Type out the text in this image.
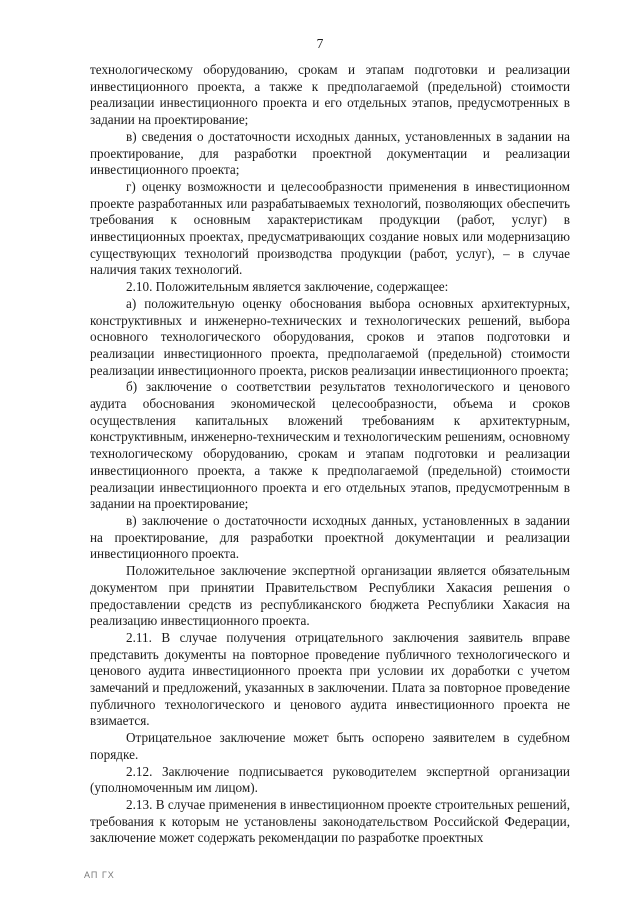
7

технологическому оборудованию, срокам и этапам подготовки и реализации инвестиционного проекта, а также к предполагаемой (предельной) стоимости реализации инвестиционного проекта и его отдельных этапов, предусмотренных в задании на проектирование;

в) сведения о достаточности исходных данных, установленных в задании на проектирование, для разработки проектной документации и реализации инвестиционного проекта;

г) оценку возможности и целесообразности применения в инвестиционном проекте разработанных или разрабатываемых технологий, позволяющих обеспечить требования к основным характеристикам продукции (работ, услуг) в инвестиционных проектах, предусматривающих создание новых или модернизацию существующих технологий производства продукции (работ, услуг), – в случае наличия таких технологий.

2.10. Положительным является заключение, содержащее:

а) положительную оценку обоснования выбора основных архитектурных, конструктивных и инженерно-технических и технологических решений, выбора основного технологического оборудования, сроков и этапов подготовки и реализации инвестиционного проекта, предполагаемой (предельной) стоимости реализации инвестиционного проекта, рисков реализации инвестиционного проекта;

б) заключение о соответствии результатов технологического и ценового аудита обоснования экономической целесообразности, объема и сроков осуществления капитальных вложений требованиям к архитектурным, конструктивным, инженерно-техническим и технологическим решениям, основному технологическому оборудованию, срокам и этапам подготовки и реализации инвестиционного проекта, а также к предполагаемой (предельной) стоимости реализации инвестиционного проекта и его отдельных этапов, предусмотренным в задании на проектирование;

в) заключение о достаточности исходных данных, установленных в задании на проектирование, для разработки проектной документации и реализации инвестиционного проекта.

Положительное заключение экспертной организации является обязательным документом при принятии Правительством Республики Хакасия решения о предоставлении средств из республиканского бюджета Республики Хакасия на реализацию инвестиционного проекта.

2.11. В случае получения отрицательного заключения заявитель вправе представить документы на повторное проведение публичного технологического и ценового аудита инвестиционного проекта при условии их доработки с учетом замечаний и предложений, указанных в заключении. Плата за повторное проведение публичного технологического и ценового аудита инвестиционного проекта не взимается.

Отрицательное заключение может быть оспорено заявителем в судебном порядке.

2.12. Заключение подписывается руководителем экспертной организации (уполномоченным им лицом).

2.13. В случае применения в инвестиционном проекте строительных решений, требования к которым не установлены законодательством Российской Федерации, заключение может содержать рекомендации по разработке проектных

АП ГХ
